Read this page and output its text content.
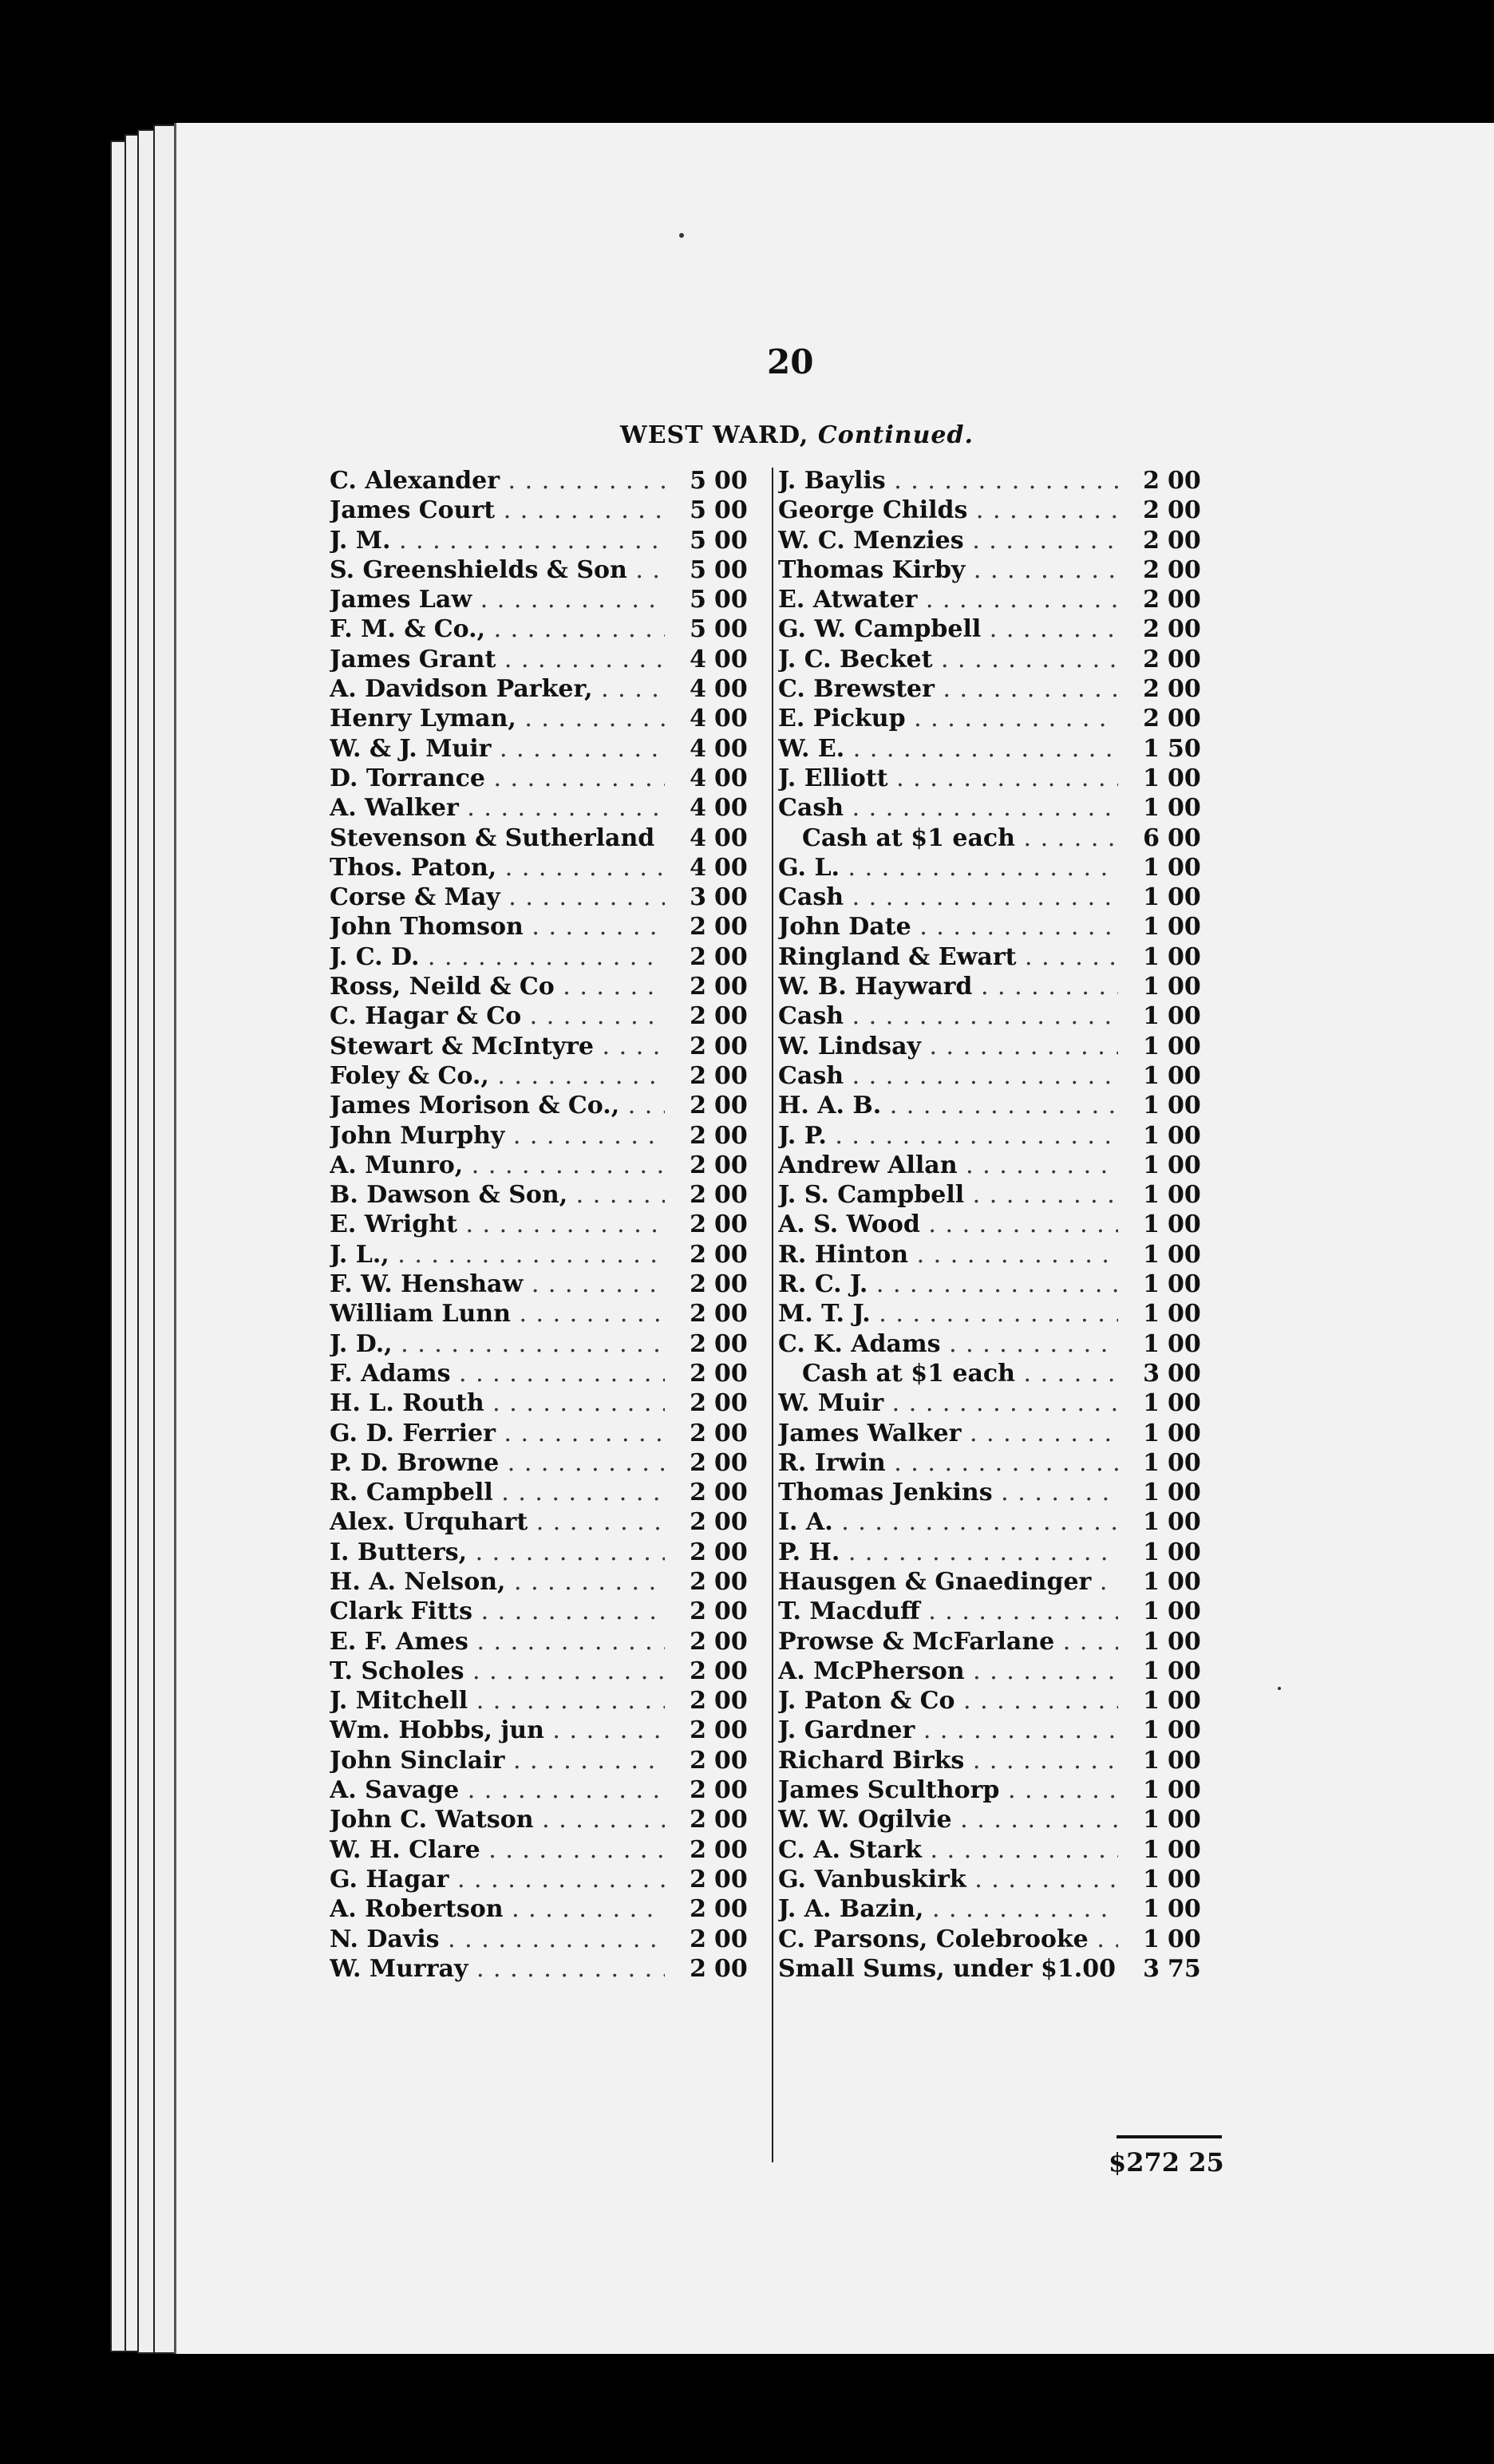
20
WEST WARD, Continued.
C. Alexander . . .	5 00
James Court . . .	5 00
J. M. . . .	5 00
S. Greenshields & Son . . .	5 00
James Law . . .	5 00
F. M. & Co., . . .	5 00
James Grant . . .	4 00
A. Davidson Parker, . . .	4 00
Henry Lyman, . . .	4 00
W. & J. Muir . . .	4 00
D. Torrance . . .	4 00
A. Walker . . .	4 00
Stevenson & Sutherland . . .	4 00
Thos. Paton, . . .	4 00
Corse & May . . .	3 00
John Thomson . . .	2 00
J. C. D. . . .	2 00
Ross, Neild & Co . . .	2 00
C. Hagar & Co . . .	2 00
Stewart & McIntyre . . .	2 00
Foley & Co., . . .	2 00
James Morison & Co., . . .	2 00
John Murphy . . .	2 00
A. Munro, . . .	2 00
B. Dawson & Son, . . .	2 00
E. Wright . . .	2 00
J. L., . . .	2 00
F. W. Henshaw . . .	2 00
William Lunn . . .	2 00
J. D., . . .	2 00
F. Adams . . .	2 00
H. L. Routh . . .	2 00
G. D. Ferrier . . .	2 00
P. D. Browne . . .	2 00
R. Campbell . . .	2 00
Alex. Urquhart . . .	2 00
I. Butters, . . .	2 00
H. A. Nelson, . . .	2 00
Clark Fitts . . .	2 00
E. F. Ames . . .	2 00
T. Scholes . . .	2 00
J. Mitchell . . .	2 00
Wm. Hobbs, jun . . .	2 00
John Sinclair . . .	2 00
A. Savage . . .	2 00
John C. Watson . . .	2 00
W. H. Clare . . .	2 00
G. Hagar . . .	2 00
A. Robertson . . .	2 00
N. Davis . . .	2 00
W. Murray . . .	2 00
J. Baylis . . .	2 00
George Childs . . .	2 00
W. C. Menzies . . .	2 00
Thomas Kirby . . .	2 00
E. Atwater . . .	2 00
G. W. Campbell . . .	2 00
J. C. Becket . . .	2 00
C. Brewster . . .	2 00
E. Pickup . . .	2 00
W. E. . . .	1 50
J. Elliott . . .	1 00
Cash . . .	1 00
Cash at $1 each . . .	6 00
G. L. . . .	1 00
Cash . . .	1 00
John Date . . .	1 00
Ringland & Ewart . . .	1 00
W. B. Hayward . . .	1 00
Cash . . .	1 00
W. Lindsay . . .	1 00
Cash . . .	1 00
H. A. B. . . .	1 00
J. P. . . .	1 00
Andrew Allan . . .	1 00
J. S. Campbell . . .	1 00
A. S. Wood . . .	1 00
R. Hinton . . .	1 00
R. C. J. . . .	1 00
M. T. J. . . .	1 00
C. K. Adams . . .	1 00
Cash at $1 each . . .	3 00
W. Muir . . .	1 00
James Walker . . .	1 00
R. Irwin . . .	1 00
Thomas Jenkins . . .	1 00
I. A. . . .	1 00
P. H. . . .	1 00
Hausgen & Gnaedinger . . .	1 00
T. Macduff . . .	1 00
Prowse & McFarlane . . .	1 00
A. McPherson . . .	1 00
J. Paton & Co . . .	1 00
J. Gardner . . .	1 00
Richard Birks . . .	1 00
James Sculthorp . . .	1 00
W. W. Ogilvie . . .	1 00
C. A. Stark . . .	1 00
G. Vanbuskirk . . .	1 00
J. A. Bazin, . . .	1 00
C. Parsons, Colebrooke . . .	1 00
Small Sums, under $1.00 . . .	3 75
$272 25
